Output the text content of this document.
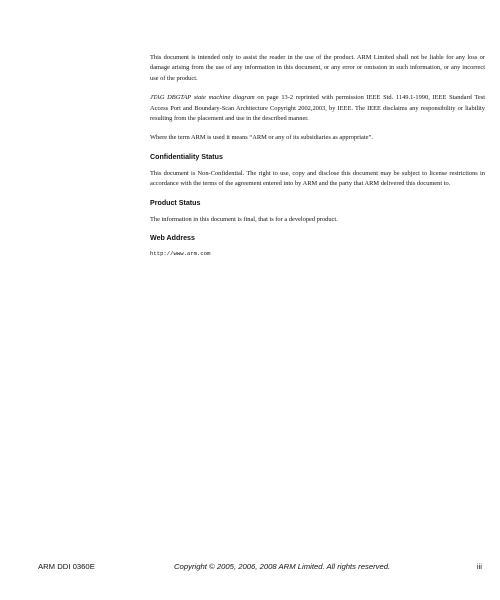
This document is intended only to assist the reader in the use of the product. ARM Limited shall not be liable for any loss or damage arising from the use of any information in this document, or any error or omission in such information, or any incorrect use of the product.

JTAG DBGTAP state machine diagram on page 13-2 reprinted with permission IEEE Std. 1149.1-1990, IEEE Standard Test Access Port and Boundary-Scan Architecture Copyright 2002,2003, by IEEE. The IEEE disclaims any responsibility or liability resulting from the placement and use in the described manner.

Where the term ARM is used it means “ARM or any of its subsidiaries as appropriate”.

Confidentiality Status

This document is Non-Confidential. The right to use, copy and disclose this document may be subject to license restrictions in accordance with the terms of the agreement entered into by ARM and the party that ARM delivered this document to.

Product Status

The information in this document is final, that is for a developed product.

Web Address
http://www.arm.com
ARM DDI 0360E	Copyright © 2005, 2006, 2008 ARM Limited. All rights reserved.	iii
